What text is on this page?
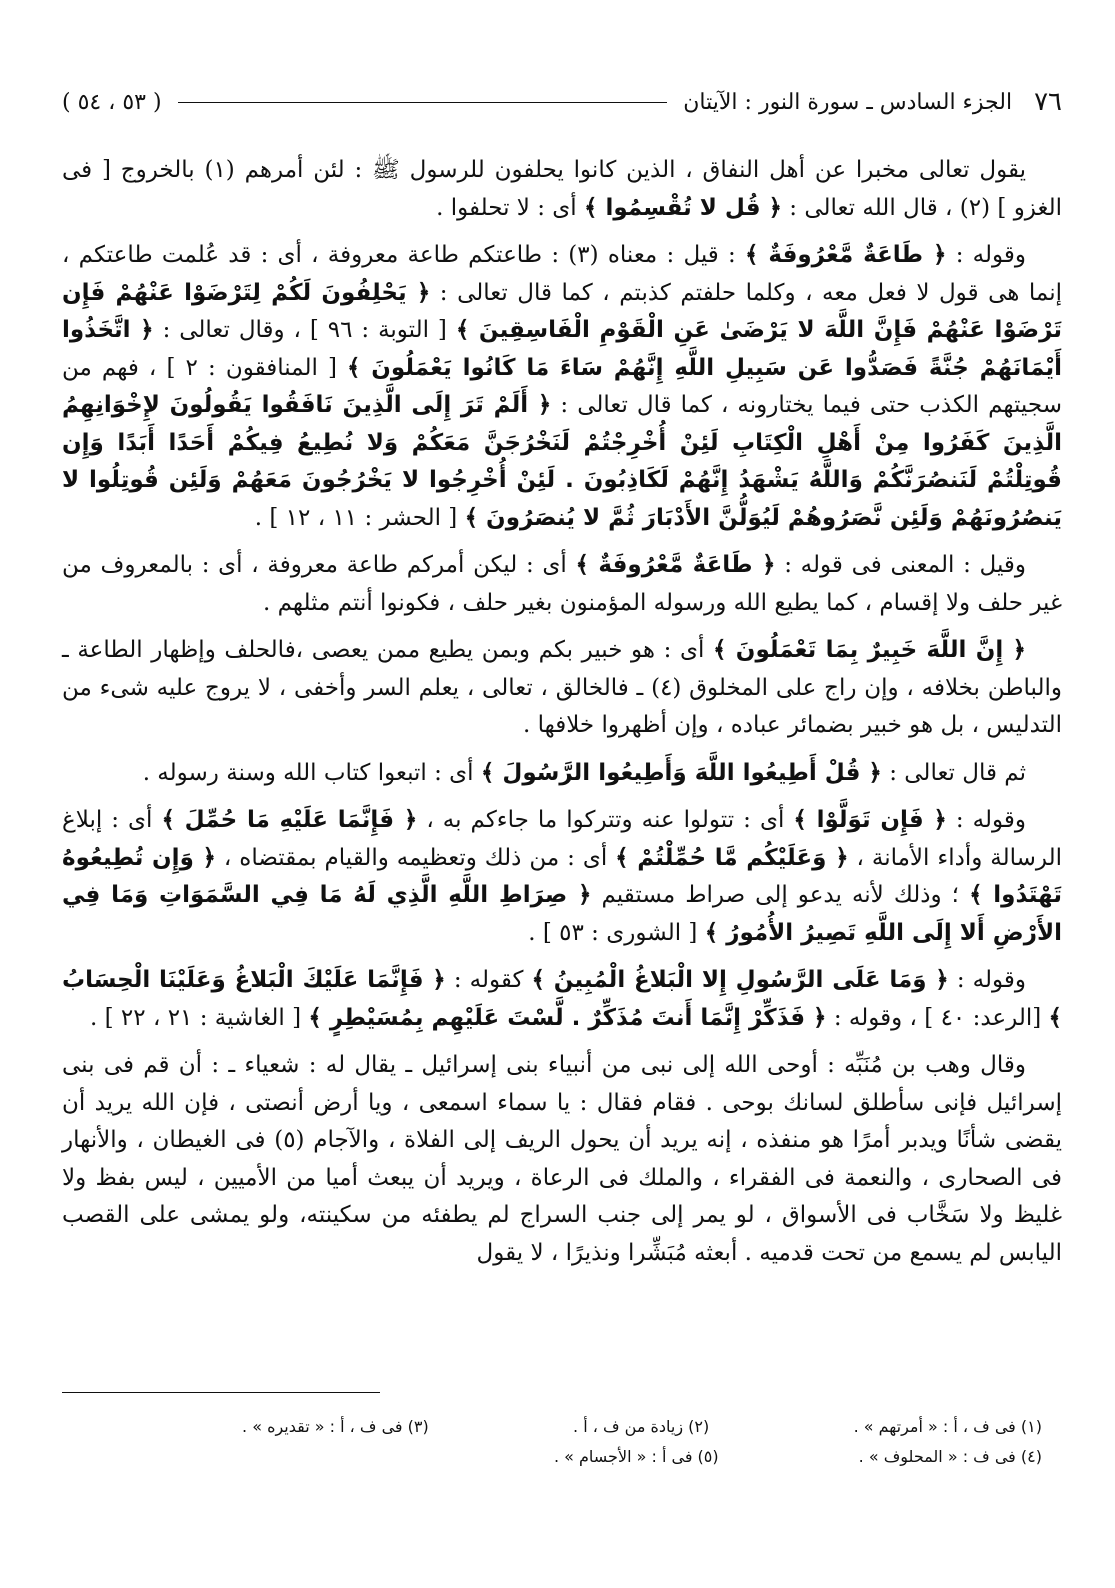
٧٦
الجزء السادس ـ سورة النور : الآيتان
( ٥٣ ، ٥٤ )

يقول تعالى مخبرا عن أهل النفاق ، الذين كانوا يحلفون للرسول ﷺ : لئن أمرهم (١) بالخروج [ فى الغزو ] (٢) ، قال الله تعالى : ﴿ قُل لا تُقْسِمُوا ﴾ أى : لا تحلفوا .

وقوله : ﴿ طَاعَةٌ مَّعْرُوفَةٌ ﴾ : قيل : معناه (٣) : طاعتكم طاعة معروفة ، أى : قد عُلمت طاعتكم ، إنما هى قول لا فعل معه ، وكلما حلفتم كذبتم ، كما قال تعالى : ﴿ يَحْلِفُونَ لَكُمْ لِتَرْضَوْا عَنْهُمْ فَإِن تَرْضَوْا عَنْهُمْ فَإِنَّ اللَّهَ لا يَرْضَىٰ عَنِ الْقَوْمِ الْفَاسِقِينَ ﴾ [ التوبة : ٩٦ ] ، وقال تعالى : ﴿ اتَّخَذُوا أَيْمَانَهُمْ جُنَّةً فَصَدُّوا عَن سَبِيلِ اللَّهِ إِنَّهُمْ سَاءَ مَا كَانُوا يَعْمَلُونَ ﴾ [ المنافقون : ٢ ] ، فهم من سجيتهم الكذب حتى فيما يختارونه ، كما قال تعالى : ﴿ أَلَمْ تَرَ إِلَى الَّذِينَ نَافَقُوا يَقُولُونَ لإِخْوَانِهِمُ الَّذِينَ كَفَرُوا مِنْ أَهْلِ الْكِتَابِ لَئِنْ أُخْرِجْتُمْ لَنَخْرُجَنَّ مَعَكُمْ وَلا نُطِيعُ فِيكُمْ أَحَدًا أَبَدًا وَإِن قُوتِلْتُمْ لَنَنصُرَنَّكُمْ وَاللَّهُ يَشْهَدُ إِنَّهُمْ لَكَاذِبُونَ . لَئِنْ أُخْرِجُوا لا يَخْرُجُونَ مَعَهُمْ وَلَئِن قُوتِلُوا لا يَنصُرُونَهُمْ وَلَئِن نَّصَرُوهُمْ لَيُوَلُّنَّ الأَدْبَارَ ثُمَّ لا يُنصَرُونَ ﴾ [ الحشر : ١١ ، ١٢ ] .

وقيل : المعنى فى قوله : ﴿ طَاعَةٌ مَّعْرُوفَةٌ ﴾ أى : ليكن أمركم طاعة معروفة ، أى : بالمعروف من غير حلف ولا إقسام ، كما يطيع الله ورسوله المؤمنون بغير حلف ، فكونوا أنتم مثلهم .

﴿ إِنَّ اللَّهَ خَبِيرٌ بِمَا تَعْمَلُونَ ﴾ أى : هو خبير بكم وبمن يطيع ممن يعصى ،فالحلف وإظهار الطاعة ـ والباطن بخلافه ، وإن راج على المخلوق (٤) ـ فالخالق ، تعالى ، يعلم السر وأخفى ، لا يروج عليه شىء من التدليس ، بل هو خبير بضمائر عباده ، وإن أظهروا خلافها .

ثم قال تعالى : ﴿ قُلْ أَطِيعُوا اللَّهَ وَأَطِيعُوا الرَّسُولَ ﴾ أى : اتبعوا كتاب الله وسنة رسوله .

وقوله : ﴿ فَإِن تَوَلَّوْا ﴾ أى : تتولوا عنه وتتركوا ما جاءكم به ، ﴿ فَإِنَّمَا عَلَيْهِ مَا حُمِّلَ ﴾ أى : إبلاغ الرسالة وأداء الأمانة ، ﴿ وَعَلَيْكُم مَّا حُمِّلْتُمْ ﴾ أى : من ذلك وتعظيمه والقيام بمقتضاه ، ﴿ وَإِن تُطِيعُوهُ تَهْتَدُوا ﴾ ؛ وذلك لأنه يدعو إلى صراط مستقيم ﴿ صِرَاطِ اللَّهِ الَّذِي لَهُ مَا فِي السَّمَوَاتِ وَمَا فِي الأَرْضِ أَلا إِلَى اللَّهِ تَصِيرُ الأُمُورُ ﴾ [ الشورى : ٥٣ ] .

وقوله : ﴿ وَمَا عَلَى الرَّسُولِ إِلا الْبَلاغُ الْمُبِينُ ﴾ كقوله : ﴿ فَإِنَّمَا عَلَيْكَ الْبَلاغُ وَعَلَيْنَا الْحِسَابُ ﴾ [الرعد: ٤٠ ] ، وقوله : ﴿ فَذَكِّرْ إِنَّمَا أَنتَ مُذَكِّرٌ . لَّسْتَ عَلَيْهِم بِمُسَيْطِرٍ ﴾ [ الغاشية : ٢١ ، ٢٢ ] .

وقال وهب بن مُنَبِّه : أوحى الله إلى نبى من أنبياء بنى إسرائيل ـ يقال له : شعياء ـ : أن قم فى بنى إسرائيل فإنى سأطلق لسانك بوحى . فقام فقال : يا سماء اسمعى ، ويا أرض أنصتى ، فإن الله يريد أن يقضى شأنًا ويدبر أمرًا هو منفذه ، إنه يريد أن يحول الريف إلى الفلاة ، والآجام (٥) فى الغيطان ، والأنهار فى الصحارى ، والنعمة فى الفقراء ، والملك فى الرعاة ، ويريد أن يبعث أميا من الأميين ، ليس بفظ ولا غليظ ولا سَخَّاب فى الأسواق ، لو يمر إلى جنب السراج لم يطفئه من سكينته، ولو يمشى على القصب اليابس لم يسمع من تحت قدميه . أبعثه مُبَشِّرا ونذيرًا ، لا يقول

(١) فى ف ، أ : « أمرتهم » .
(٢) زيادة من ف ، أ .
(٣) فى ف ، أ : « تقديره » .
(٤) فى ف : « المحلوف » .
(٥) فى أ : « الأجسام » .
